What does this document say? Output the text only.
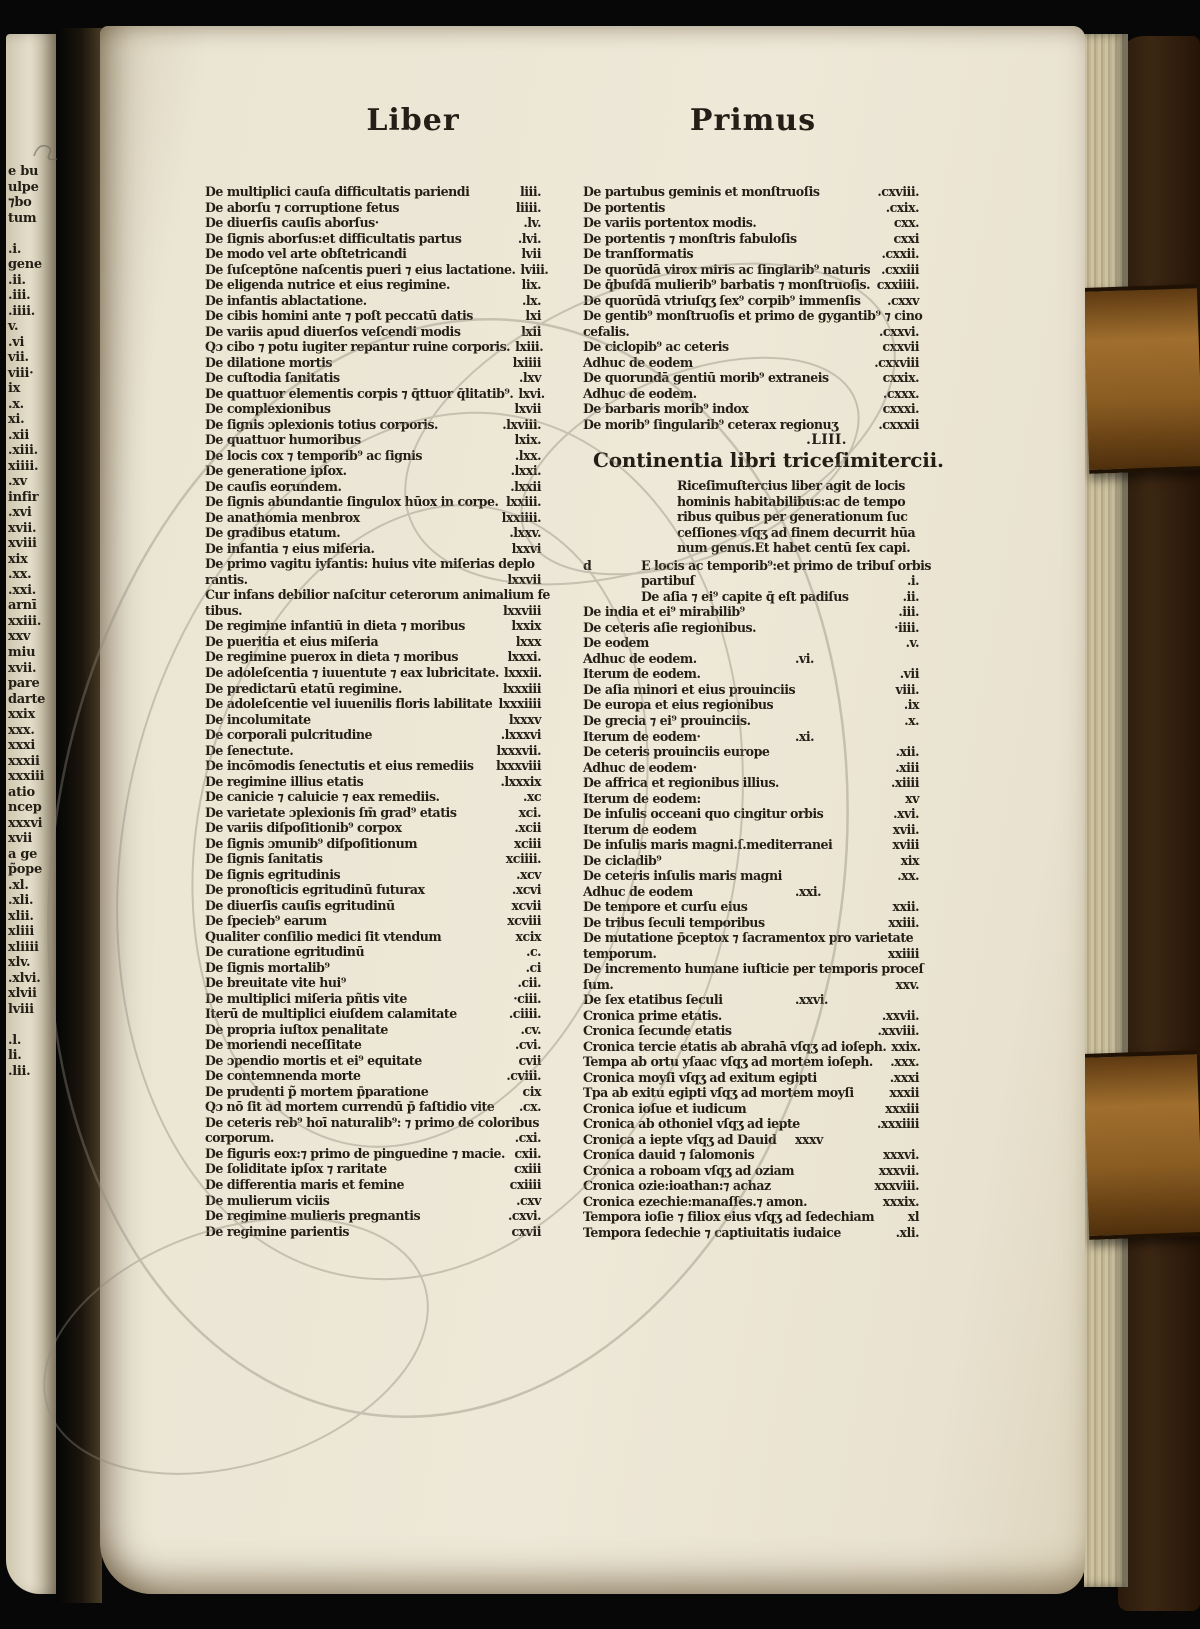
e bu
ulpe
⁊bo
tum

.i.
gene
.ii.
.iii.
.iiii.
v.
.vi
vii.
viii·
ix
.x.
xi.
.xii
.xiii.
xiiii.
.xv
infir
.xvi
xvii.
xviii
xix
.xx.
.xxi.
arnī
xxiii.
xxv
miu
xvii.
pare
darte
xxix
xxx.
xxxi
xxxii
xxxiii
atio
ncep
xxxvi
xvii
a ge
p̃ope
.xl.
.xli.
xlii.
xliii
xliiii
xlv.
.xlvi.
xlvii
lviii

.l.
li.
.lii.
Liber	Primus
De multiplici cauſa difficultatis pariendi	liii.
De aborſu ⁊ corruptione fetus	liiii.
De diuerſis cauſis aborſus·	.lv.
De ſignis aborſus:et difficultatis partus	.lvi.
De modo vel arte obſtetricandi	lvii
De ſuſceptōne naſcentis pueri ⁊ eius lactatione. lviii.
De eligenda nutrice et eius regimine.	lix.
De infantis ablactatione.	.lx.
De cibis homini ante ⁊ poſt peccatū datis	lxi
De variis apud diuerſos veſcendi modis	lxii
Qɔ cibo ⁊ potu iugiter repantur ruine corporis. lxiii.
De dilatione mortis	lxiiii
De cuſtodia ſanitatis	.lxv
De quattuor elementis corpis ⁊ q̄ttuor q̄litatib⁹. lxvi.
De complexionibus	lxvii
De ſignis ɔplexionis totius corporis.	.lxviii.
De quattuor humoribus	lxix.
De locis cox ⁊ temporib⁹ ac ſignis	.lxx.
De generatione ipſox.	.lxxi.
De cauſis eorundem.	.lxxii
De ſignis abundantie ſingulox hūox in corpe. lxxiii.
De anathomia menbrox	lxxiiii.
De gradibus etatum.	.lxxv.
De infantia ⁊ eius miſeria.	lxxvi
De primo vagitu iyfantis: huius vite miſerias deplo
rantis.	lxxvii
Cur infans debilior naſcitur ceterorum animalium fe
tibus.	lxxviii
De regimine infantiū in dieta ⁊ moribus	lxxix
De pueritia et eius miſeria	lxxx
De regimine puerox in dieta ⁊ moribus	lxxxi.
De adoleſcentia ⁊ iuuentute ⁊ eax lubricitate. lxxxii.
De predictarū etatū regimine.	lxxxiii
De adoleſcentie vel iuuenilis floris labilitate lxxxiiii
De incolumitate	lxxxv
De corporali pulcritudine	.lxxxvi
De ſenectute.	lxxxvii.
De incōmodis ſenectutis et eius remediis	lxxxviii
De regimine illius etatis	.lxxxix
De canicie ⁊ caluicie ⁊ eax remediis.	.xc
De varietate ɔplexionis ſm̄ grad⁹ etatis	xci.
De variis diſpoſitionib⁹ corpox	.xcii
De ſignis ɔmunib⁹ diſpoſitionum	xciii
De ſignis ſanitatis	xciiii.
De ſignis egritudinis	.xcv
De pronoſticis egritudinū futurax	.xcvi
De diuerſis cauſis egritudinū	xcvii
De ſpecieb⁹ earum	xcviii
Qualiter conſilio medici ſit vtendum	xcix
De curatione egritudinū	.c.
De ſignis mortalib⁹	.ci
De breuitate vite hui⁹	.cii.
De multiplici miſeria pñtis vite	·ciii.
Iterū de multiplici eiuſdem calamitate	.ciiii.
De propria iuſtox penalitate	.cv.
De moriendi neceſſitate	.cvi.
De ɔpendio mortis et ei⁹ equitate	cvii
De contemnenda morte	.cviii.
De prudenti p̃ mortem p̄paratione	cix
Qɔ nō ſit ad mortem currendū p̄ faſtidio vite	.cx.
De ceteris reb⁹ hoī naturalib⁹: ⁊ primo de coloribus
corporum.	.cxi.
De figuris eox:⁊ primo de pinguedine ⁊ macie. cxii.
De ſoliditate ipſox ⁊ raritate	cxiii
De differentia maris et femine	cxiiii
De mulierum viciis	.cxv
De regimine mulieris pregnantis	.cxvi.
De regimine parientis	cxvii
De partubus geminis et monſtruoſis	.cxviii.
De portentis	.cxix.
De variis portentox modis.	cxx.
De portentis ⁊ monſtris fabuloſis	cxxi
De tranſformatis	.cxxii.
De quorūdā virox miris ac ſinglarib⁹ naturis .cxxiii
De q̄buſdā mulierib⁹ barbatis ⁊ monſtruoſis. cxxiiii.
De quorūdā vtriuſqʒ ſex⁹ corpib⁹ immenſis	.cxxv
De gentib⁹ monſtruoſis et primo de gygantib⁹ ⁊ cino
cefalis.	.cxxvi.
De ciclopib⁹ ac ceteris	cxxvii
Adhuc de eodem	.cxxviii
De quorundā gentiū morib⁹ extraneis	cxxix.
Adhuc de eodem.	.cxxx.
De barbaris morib⁹ indox	cxxxi.
De morib⁹ ſingularib⁹ ceterax regionuʒ	.cxxxii
.LIII.
Continentia libri triceſimitercii.
Riceſimuſtercius liber agit de locis
hominis habitabilibus:ac de tempo
ribus quibus per generationum ſuc
ceſſiones vſqʒ ad finem decurrit hūa
num genus.Et habet centū ſex capi.
d	E locis ac temporib⁹:et primo de tribuſ orbis
partibuſ	.i.
De aſia ⁊ ei⁹ capite q̄ eſt padiſus	.ii.
De india et ei⁹ mirabilib⁹	.iii.
De ceteris aſie regionibus.	·iiii.
De eodem	.v.
Adhuc de eodem.	.vi.
Iterum de eodem.	.vii
De aſia minori et eius prouinciis	viii.
De europa et eius regionibus	.ix
De grecia ⁊ ei⁹ prouinciis.	.x.
Iterum de eodem·	.xi.
De ceteris prouinciis europe	.xii.
Adhuc de eodem·	.xiii
De affrica et regionibus illius.	.xiiii
Iterum de eodem:	xv
De inſulis occeani quo cingitur orbis	.xvi.
Iterum de eodem	xvii.
De inſulis maris magni.ſ.mediterranei	xviii
De cicladib⁹	xix
De ceteris inſulis maris magni	.xx.
Adhuc de eodem	.xxi.
De tempore et curſu eius	xxii.
De tribus ſeculi temporibus	xxiii.
De mutatione p̄ceptox ⁊ ſacramentox pro varietate
temporum.	xxiiii
De incremento humane iuſticie per temporis proceſ
ſum.	xxv.
De ſex etatibus ſeculi	.xxvi.
Cronica prime etatis.	.xxvii.
Cronica ſecunde etatis	.xxviii.
Cronica tercie etatis ab abrahā vſqʒ ad ioſeph. xxix.
Tempa ab ortu yſaac vſqʒ ad mortem ioſeph.	.xxx.
Cronica moyſi vſqʒ ad exitum egipti	.xxxi
Tpa ab exitu egipti vſqʒ ad mortem moyſi	xxxii
Cronica ioſue et iudicum	xxxiii
Cronica ab othoniel vſqʒ ad iepte	.xxxiiii
Cronica a iepte vſqʒ ad Dauid xxxv
Cronica dauid ⁊ ſalomonis	xxxvi.
Cronica a roboam vſqʒ ad oziam	xxxvii.
Cronica ozie:ioathan:⁊ achaz	xxxviii.
Cronica ezechie:manaſſes.⁊ amon.	xxxix.
Tempora ioſie ⁊ filiox eius vſqʒ ad ſedechiam	xl
Tempora ſedechie ⁊ captiuitatis iudaice	.xli.
